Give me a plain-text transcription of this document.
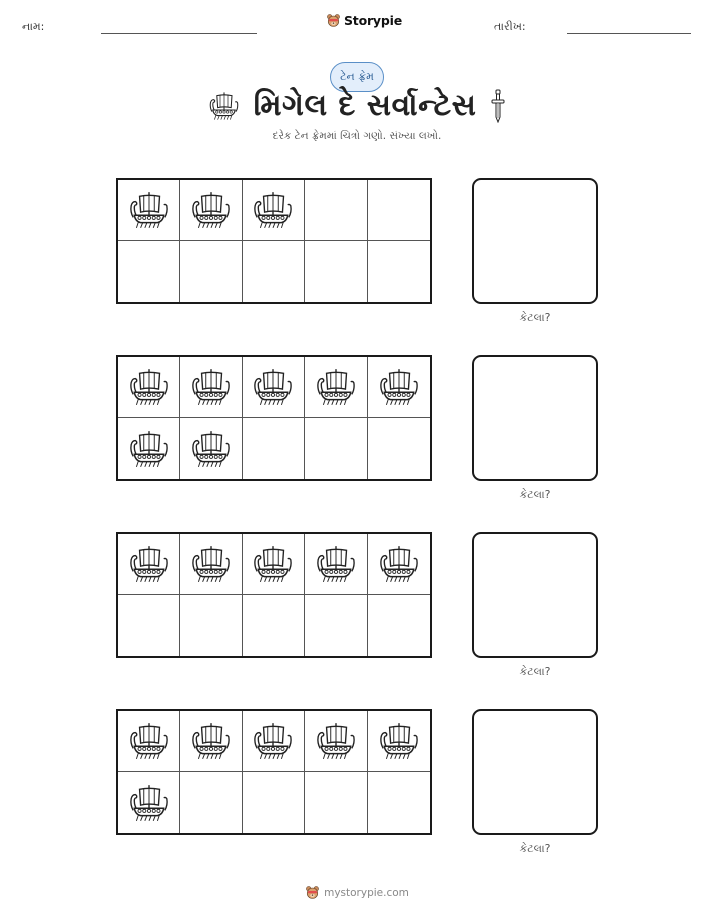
નામ:	Storypie	તારીખ:
ટેન ફ્રેમ
મિગેલ દે સર્વાન્ટેસ
દરેક ટેન ફ્રેમમાં ચિત્રો ગણો. સંખ્યા લખો.
કેટલા?
કેટલા?
કેટલા?
કેટલા?
mystorypie.com
